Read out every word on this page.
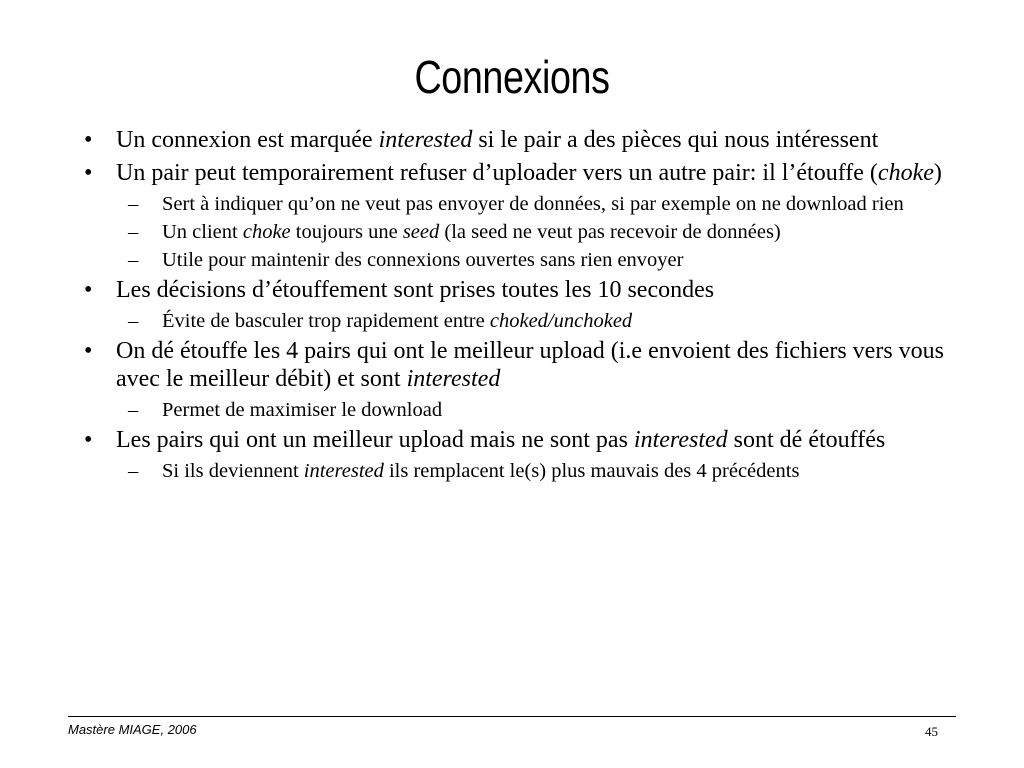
Connexions
• Un connexion est marquée interested si le pair a des pièces qui nous intéressent
• Un pair peut temporairement refuser d’uploader vers un autre pair: il l’étouffe (choke)
– Sert à indiquer qu’on ne veut pas envoyer de données, si par exemple on ne download rien
– Un client choke toujours une seed (la seed ne veut pas recevoir de données)
– Utile pour maintenir des connexions ouvertes sans rien envoyer
• Les décisions d’étouffement sont prises toutes les 10 secondes
– Évite de basculer trop rapidement entre choked/unchoked
• On dé étouffe les 4 pairs qui ont le meilleur upload (i.e envoient des fichiers vers vous avec le meilleur débit) et sont interested
– Permet de maximiser le download
• Les pairs qui ont un meilleur upload mais ne sont pas interested sont dé étouffés
– Si ils deviennent interested ils remplacent le(s) plus mauvais des 4 précédents
Mastère MIAGE, 2006	45
